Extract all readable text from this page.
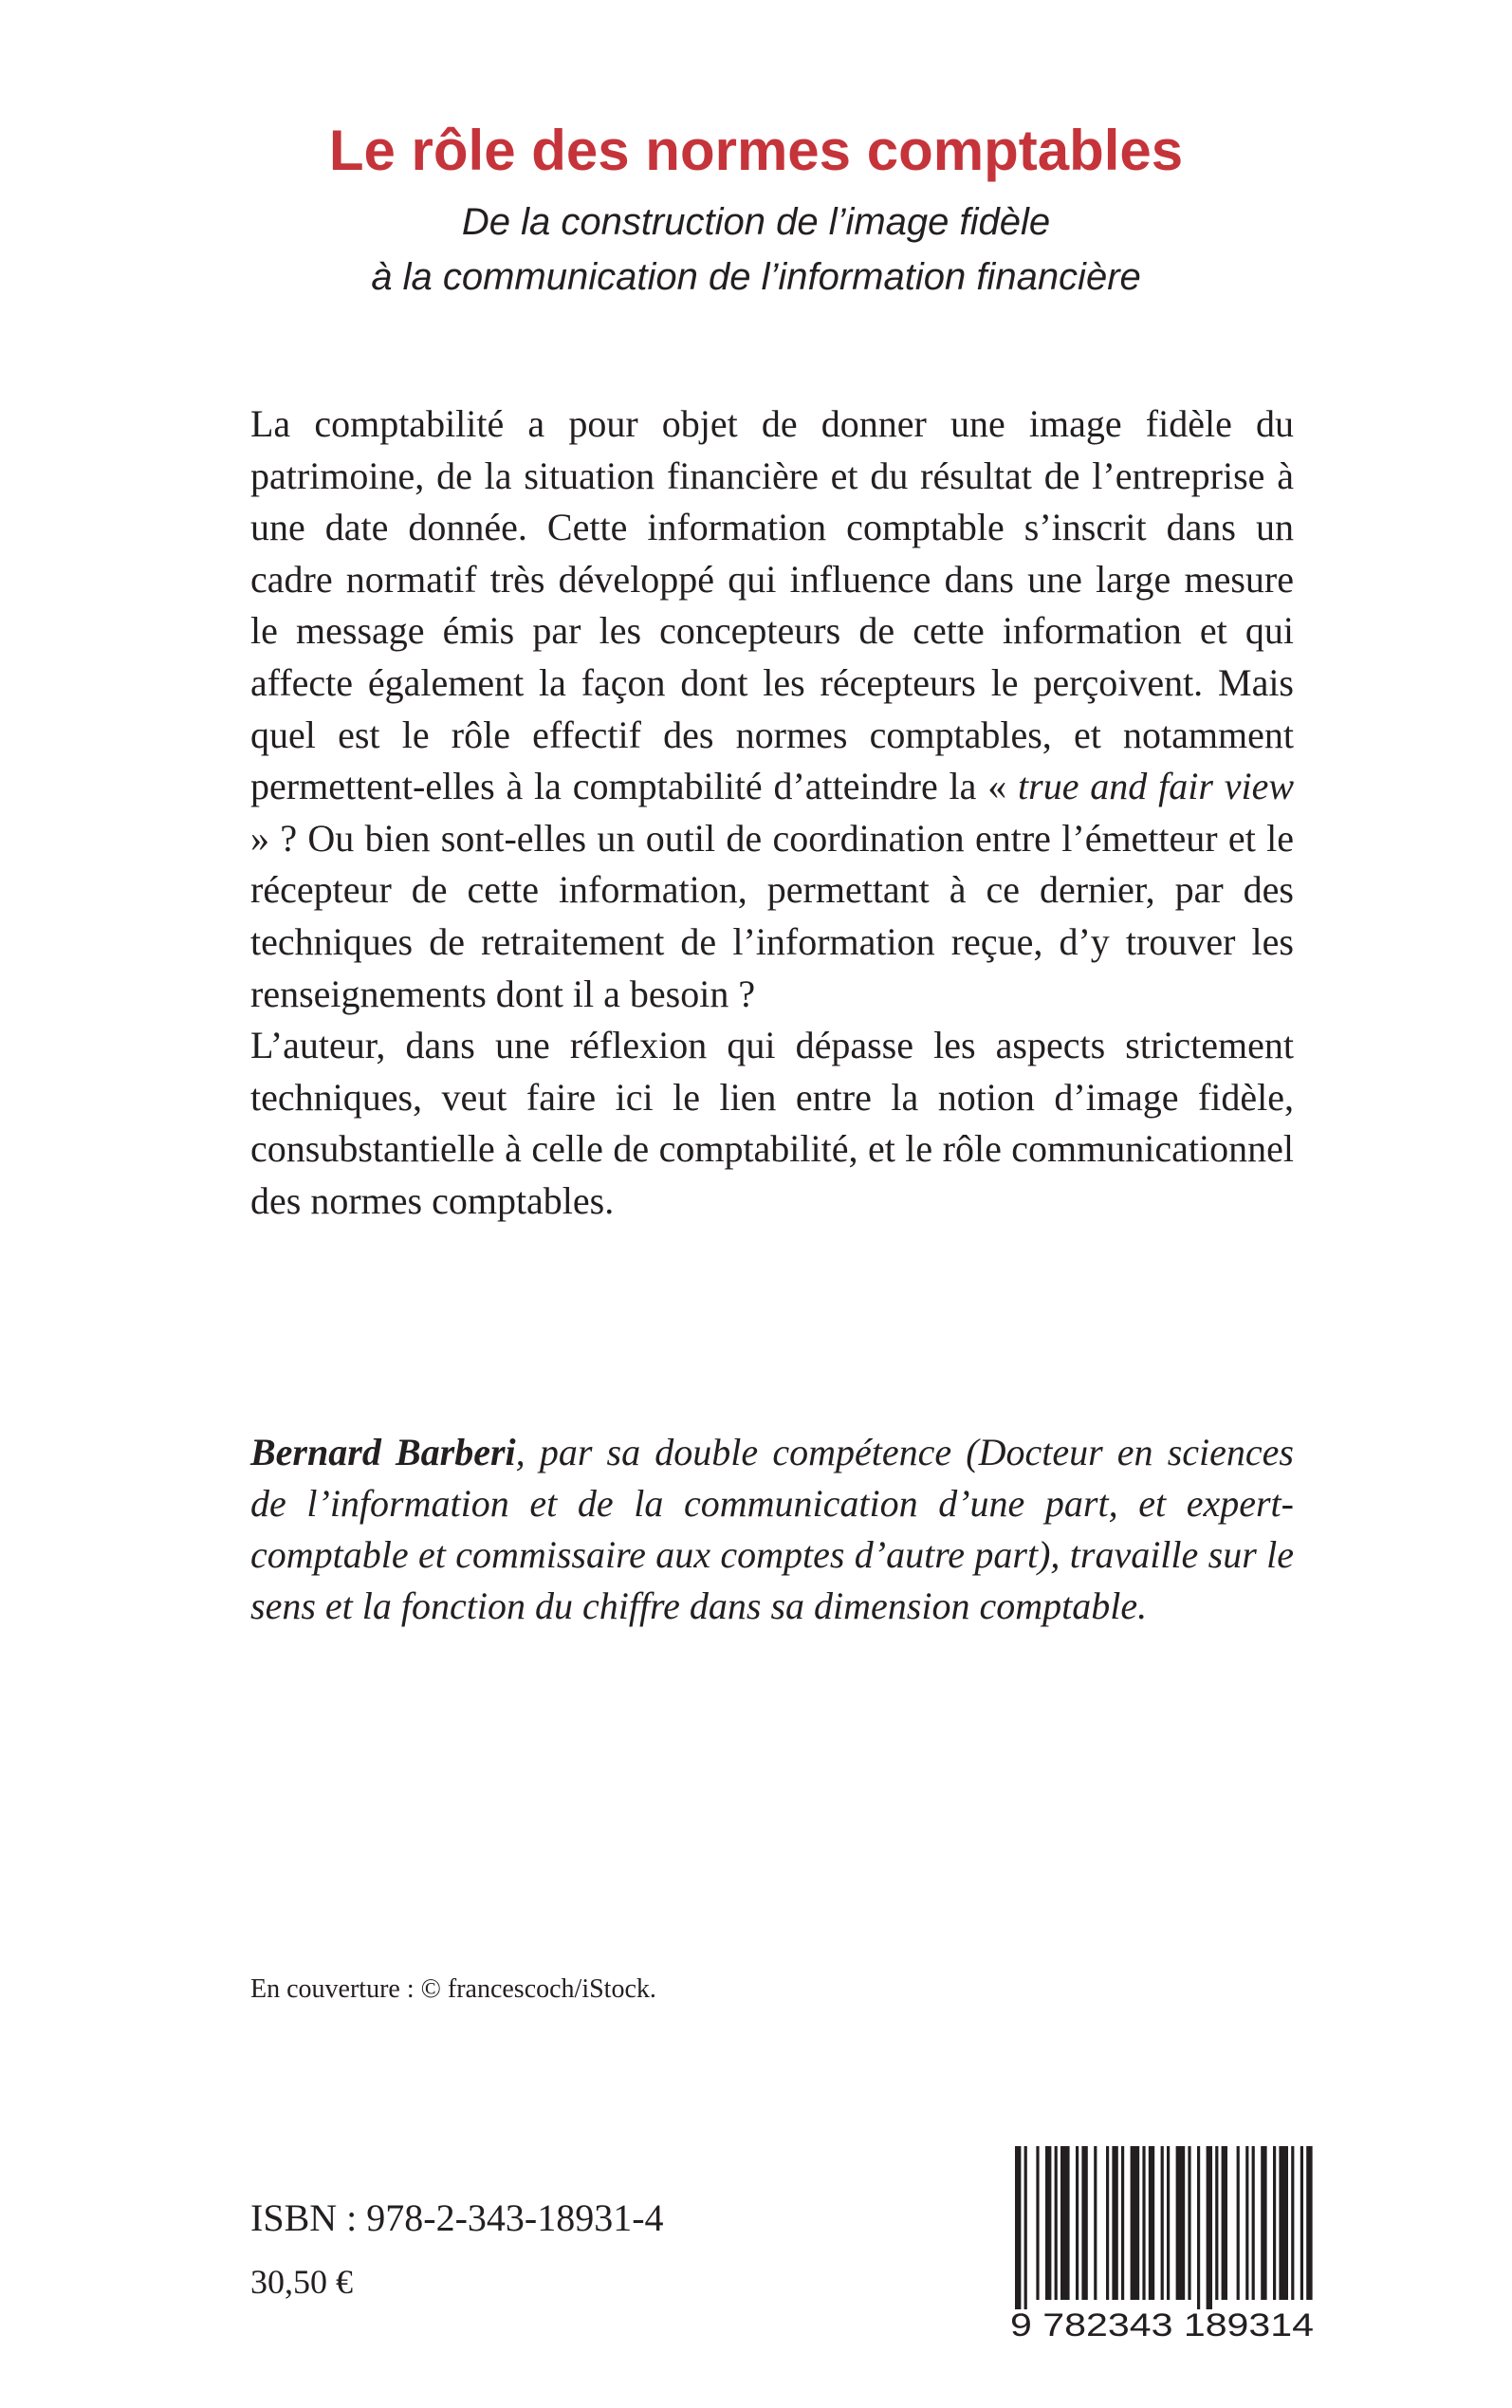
Le rôle des normes comptables
De la construction de l’image fidèle
à la communication de l’information financière

La comptabilité a pour objet de donner une image fidèle du patrimoine, de la situation financière et du résultat de l’entreprise à une date donnée. Cette information comptable s’inscrit dans un cadre normatif très développé qui influence dans une large mesure le message émis par les concepteurs de cette information et qui affecte également la façon dont les récepteurs le perçoivent. Mais quel est le rôle effectif des normes comptables, et notamment permettent-elles à la comptabilité d’atteindre la « true and fair view » ? Ou bien sont-elles un outil de coordination entre l’émetteur et le récepteur de cette information, permettant à ce dernier, par des techniques de retraitement de l’information reçue, d’y trouver les renseignements dont il a besoin ?

L’auteur, dans une réflexion qui dépasse les aspects strictement techniques, veut faire ici le lien entre la notion d’image fidèle, consubstantielle à celle de comptabilité, et le rôle communicationnel des normes comptables.

Bernard Barberi, par sa double compétence (Docteur en sciences de l’information et de la communication d’une part, et expert-comptable et commissaire aux comptes d’autre part), travaille sur le sens et la fonction du chiffre dans sa dimension comptable.

En couverture : © francescoch/iStock.
ISBN : 978-2-343-18931-4
30,50 €
9 782343 189314
